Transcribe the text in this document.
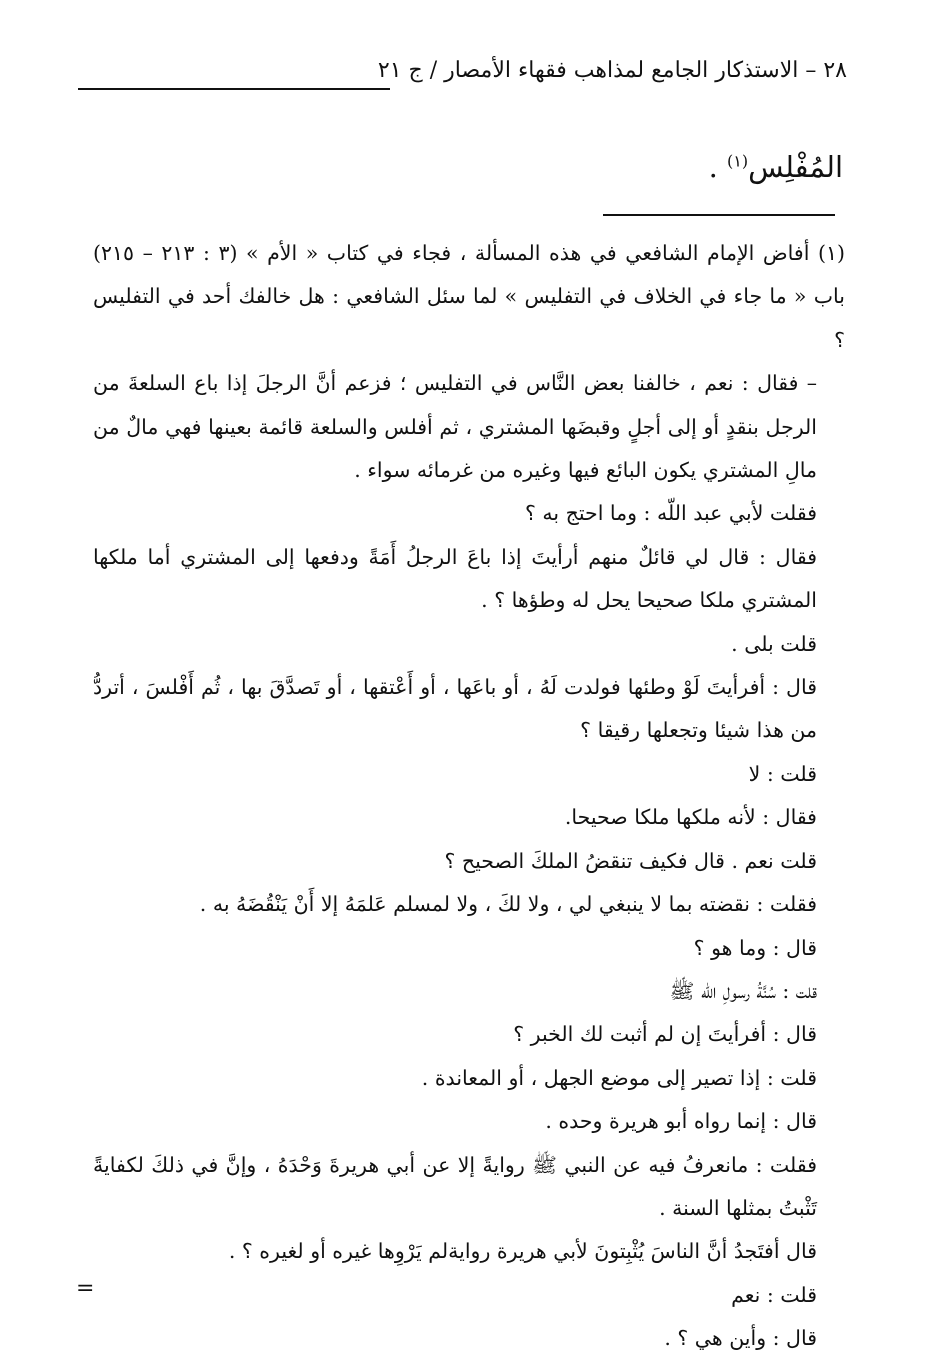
٢٨ – الاستذكار الجامع لمذاهب فقهاء الأمصار / ج ٢١
المُفْلِس$^{(١)}$ .

(١) أفاض الإمام الشافعي في هذه المسألة ، فجاء في كتاب « الأم » (٣ : ٢١٣ – ٢١٥) باب « ما جاء في الخلاف في التفليس » لما سئل الشافعي : هل خالفك أحد في التفليس ؟

– فقال : نعم ، خالفنا بعض النَّاس في التفليس ؛ فزعم أنَّ الرجلَ إذا باع السلعةَ من الرجل بنقدٍ أو إلى أجلٍ وقبضَها المشتري ، ثم أفلس والسلعة قائمة بعينها فهي مالٌ من مالِ المشتري يكون البائع فيها وغيره من غرمائه سواء .

فقلت لأبي عبد اللّه : وما احتج به ؟

فقال : قال لي قائلٌ منهم أرأيتَ إذا باعَ الرجلُ أَمَةً ودفعها إلى المشتري أما ملكها المشتري ملكا صحيحا يحل له وطؤها ؟ .

قلت بلى .

قال : أفرأيتَ لَوْ وطئها فولدت لَهُ ، أو باعَها ، أو أَعْتقها ، أو تَصدَّقَ بها ، ثُم أَفْلسَ ، أتردُّ من هذا شيئا وتجعلها رقيقا ؟

قلت : لا

فقال : لأنه ملكها ملكا صحيحا.

قلت نعم . قال فكيف تنقضُ الملكَ الصحيح ؟

فقلت : نقضته بما لا ينبغي لي ، ولا لكَ ، ولا لمسلم عَلمَهُ إلا أَنْ يَنْقُضَهُ به .

قال : وما هو ؟

قلت : سُنَّةُ رسولِ اللّه ﷺ

قال : أفرأيتَ إن لم أثبت لك الخبر ؟

قلت : إذا تصير إلى موضع الجهل ، أو المعاندة .

قال : إنما رواه أبو هريرة وحده .

فقلت : مانعرفُ فيه عن النبي ﷺ روايةً إلا عن أبي هريرةَ وَحْدَهُ ، وإنَّ في ذلكَ لكفايةً تَثْبتُ بمثلها السنة .

قال أفتَجدُ أنَّ الناسَ يُثْبِتونَ لأبي هريرة روايةلم يَرْوِها غيره أو لغيره ؟ .

قلت : نعم

قال : وأين هي ؟ .

=
